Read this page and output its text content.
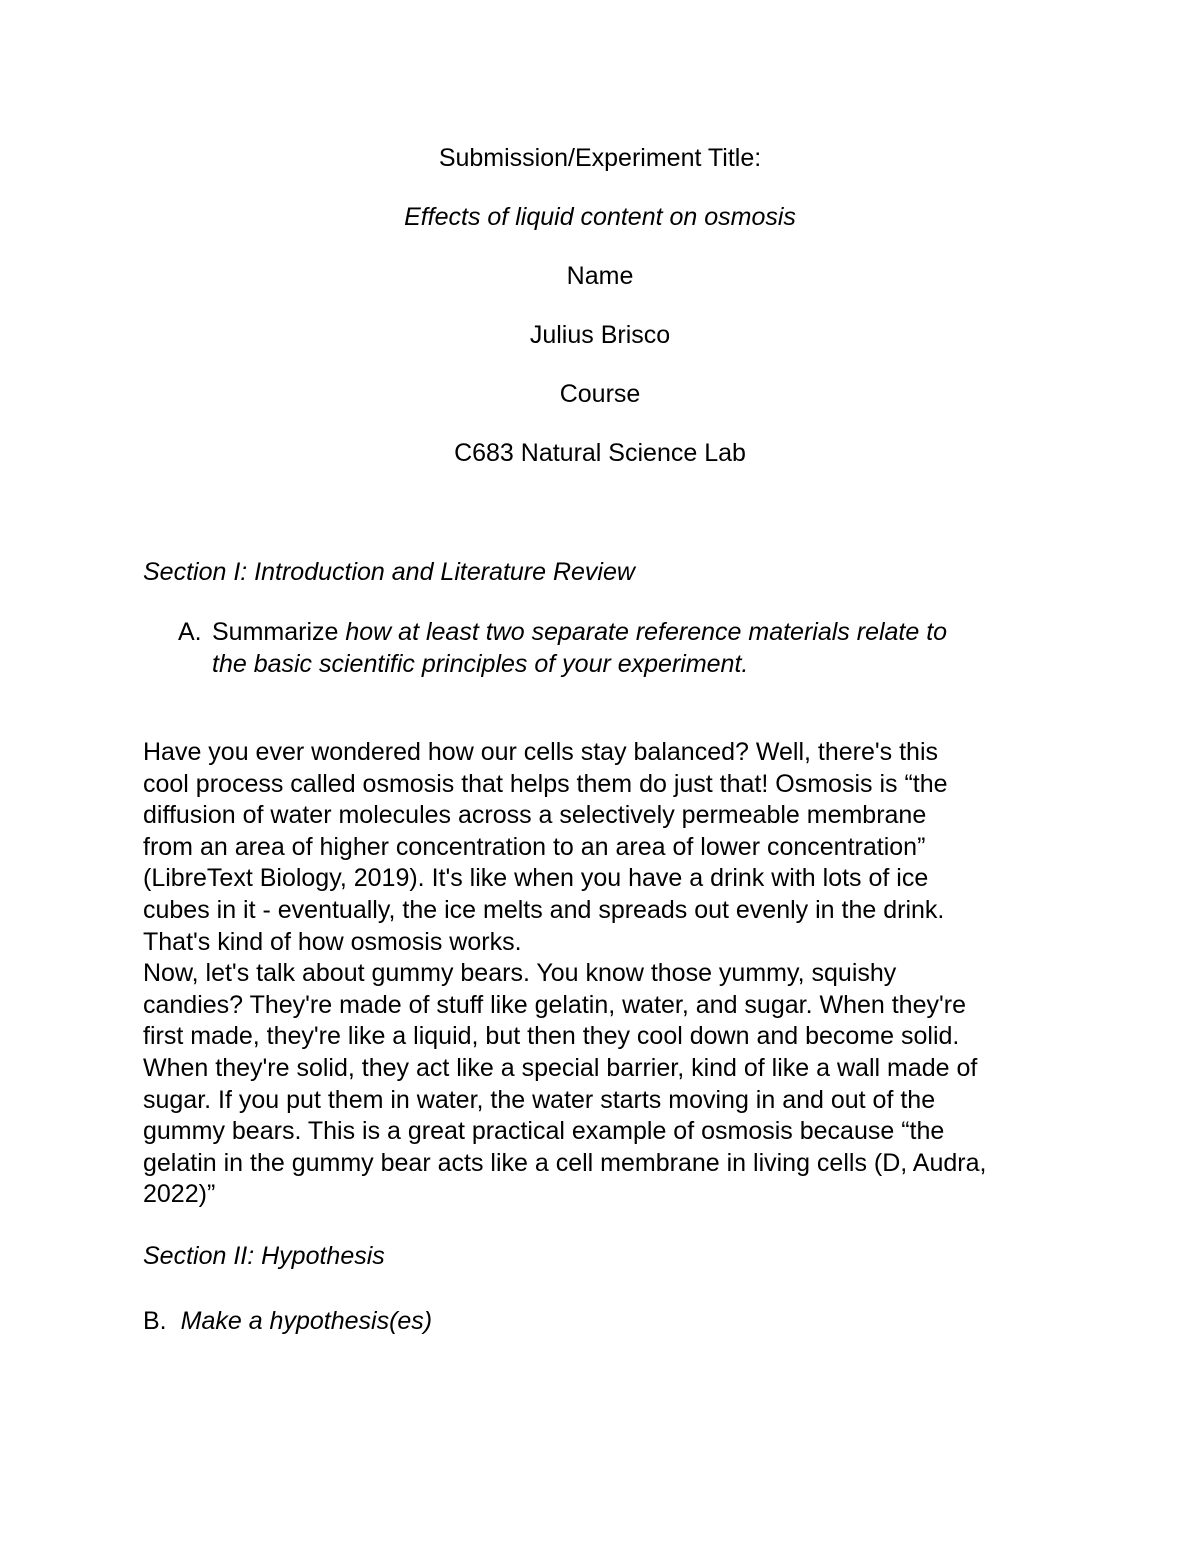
Submission/Experiment Title:
Effects of liquid content on osmosis
Name
Julius Brisco
Course
C683 Natural Science Lab
Section I: Introduction and Literature Review
A. Summarize how at least two separate reference materials relate to
the basic scientific principles of your experiment.
Have you ever wondered how our cells stay balanced? Well, there's this
cool process called osmosis that helps them do just that! Osmosis is “the
diffusion of water molecules across a selectively permeable membrane
from an area of higher concentration to an area of lower concentration”
(LibreText Biology, 2019). It's like when you have a drink with lots of ice
cubes in it - eventually, the ice melts and spreads out evenly in the drink.
That's kind of how osmosis works.
Now, let's talk about gummy bears. You know those yummy, squishy
candies? They're made of stuff like gelatin, water, and sugar. When they're
first made, they're like a liquid, but then they cool down and become solid.
When they're solid, they act like a special barrier, kind of like a wall made of
sugar. If you put them in water, the water starts moving in and out of the
gummy bears. This is a great practical example of osmosis because “the
gelatin in the gummy bear acts like a cell membrane in living cells (D, Audra,
2022)”
Section II: Hypothesis
B. Make a hypothesis(es)
